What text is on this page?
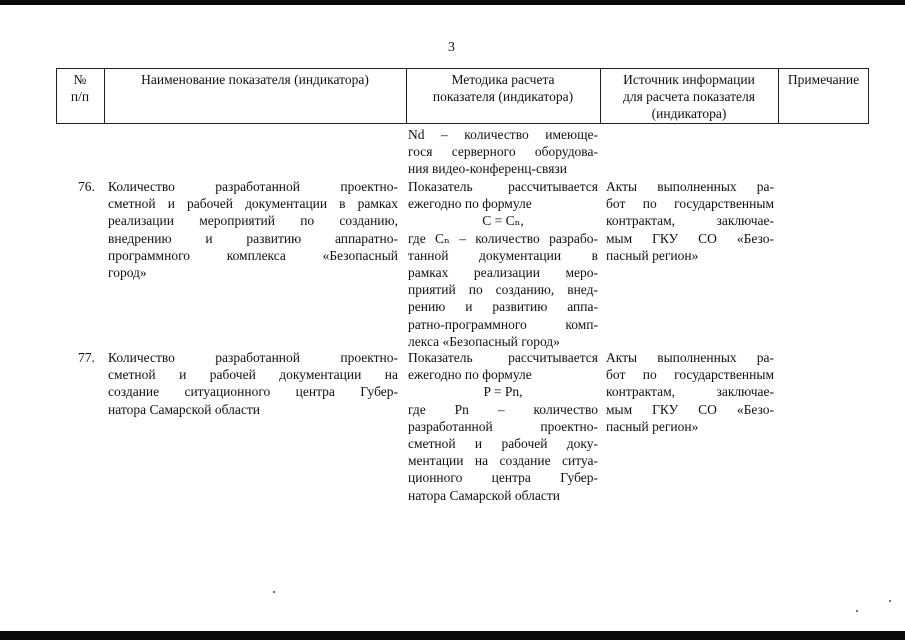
3
№
п/п
Наименование показателя (индикатора)	Методика расчета
показателя (индикатора)
Источник информации
для расчета показателя
(индикатора)
Примечание
Nd – количество имеюще-
гося серверного оборудова-
ния видео-конференц-связи
76. Количество разработанной проектно-
сметной и рабочей документации в рамках
реализации мероприятий по созданию,
внедрению и развитию аппаратно-
программного комплекса «Безопасный
город»
Показатель рассчитывается
ежегодно по формуле
C = Cₙ,
где Cₙ – количество разрабо-
танной документации в
рамках реализации меро-
приятий по созданию, внед-
рению и развитию аппа-
ратно-программного комп-
лекса «Безопасный город»
Акты выполненных ра-
бот по государственным
контрактам, заключае-
мым ГКУ СО «Безо-
пасный регион»
77. Количество разработанной проектно-
сметной и рабочей документации на
создание ситуационного центра Губер-
натора Самарской области
Показатель рассчитывается
ежегодно по формуле
P = Pn,
где Pn – количество
разработанной проектно-
сметной и рабочей доку-
ментации на создание ситуа-
ционного центра Губер-
натора Самарской области
Акты выполненных ра-
бот по государственным
контрактам, заключае-
мым ГКУ СО «Безо-
пасный регион»
